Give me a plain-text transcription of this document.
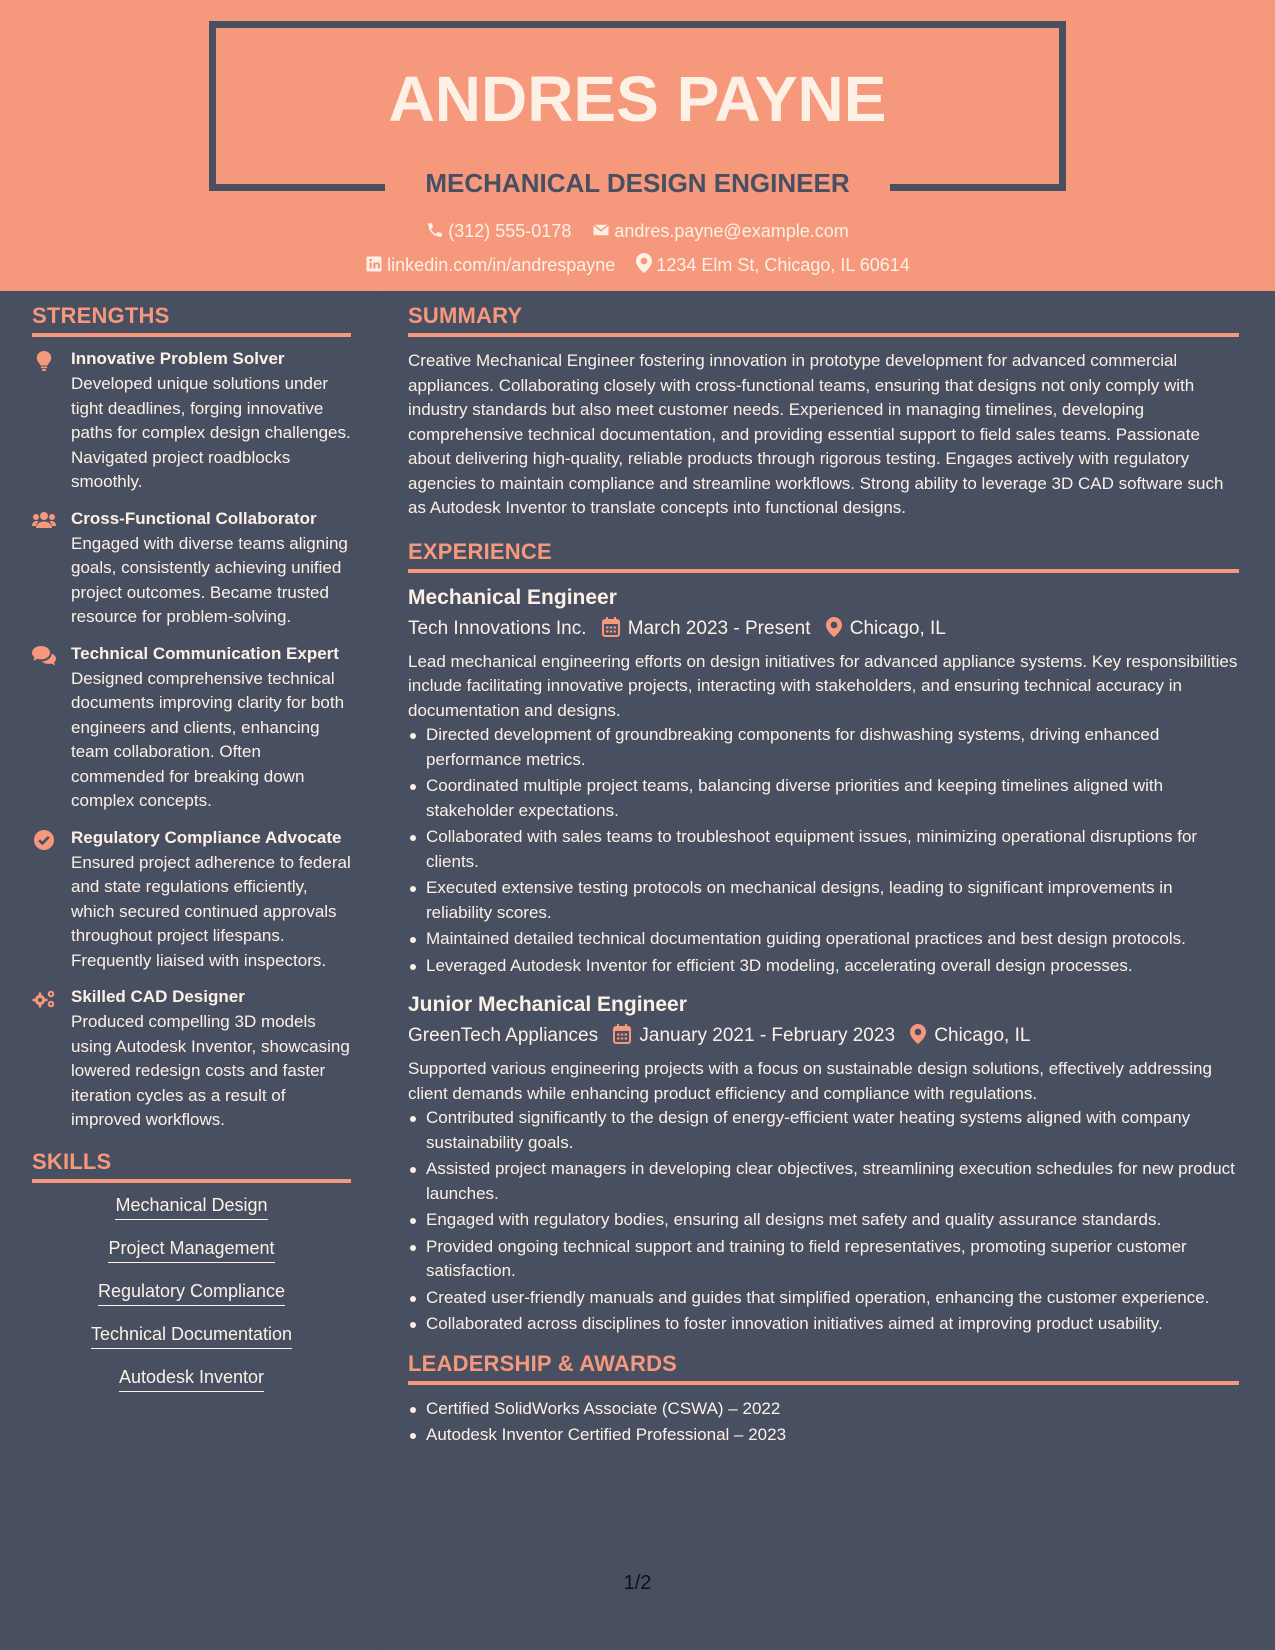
ANDRES PAYNE
MECHANICAL DESIGN ENGINEER
(312) 555-0178 andres.payne@example.com
linkedin.com/in/andrespayne 1234 Elm St, Chicago, IL 60614
STRENGTHS
Innovative Problem Solver
Developed unique solutions under tight deadlines, forging innovative paths for complex design challenges. Navigated project roadblocks smoothly.
Cross-Functional Collaborator
Engaged with diverse teams aligning goals, consistently achieving unified project outcomes. Became trusted resource for problem-solving.
Technical Communication Expert
Designed comprehensive technical documents improving clarity for both engineers and clients, enhancing team collaboration. Often commended for breaking down complex concepts.
Regulatory Compliance Advocate
Ensured project adherence to federal and state regulations efficiently, which secured continued approvals throughout project lifespans. Frequently liaised with inspectors.
Skilled CAD Designer
Produced compelling 3D models using Autodesk Inventor, showcasing lowered redesign costs and faster iteration cycles as a result of improved workflows.
SKILLS
Mechanical Design
Project Management
Regulatory Compliance
Technical Documentation
Autodesk Inventor
SUMMARY
Creative Mechanical Engineer fostering innovation in prototype development for advanced commercial appliances. Collaborating closely with cross-functional teams, ensuring that designs not only comply with industry standards but also meet customer needs. Experienced in managing timelines, developing comprehensive technical documentation, and providing essential support to field sales teams. Passionate about delivering high-quality, reliable products through rigorous testing. Engages actively with regulatory agencies to maintain compliance and streamline workflows. Strong ability to leverage 3D CAD software such as Autodesk Inventor to translate concepts into functional designs.
EXPERIENCE
Mechanical Engineer
Tech Innovations Inc. March 2023 - Present Chicago, IL
Lead mechanical engineering efforts on design initiatives for advanced appliance systems. Key responsibilities include facilitating innovative projects, interacting with stakeholders, and ensuring technical accuracy in documentation and designs.
Directed development of groundbreaking components for dishwashing systems, driving enhanced performance metrics.
Coordinated multiple project teams, balancing diverse priorities and keeping timelines aligned with stakeholder expectations.
Collaborated with sales teams to troubleshoot equipment issues, minimizing operational disruptions for clients.
Executed extensive testing protocols on mechanical designs, leading to significant improvements in reliability scores.
Maintained detailed technical documentation guiding operational practices and best design protocols.
Leveraged Autodesk Inventor for efficient 3D modeling, accelerating overall design processes.
Junior Mechanical Engineer
GreenTech Appliances January 2021 - February 2023 Chicago, IL
Supported various engineering projects with a focus on sustainable design solutions, effectively addressing client demands while enhancing product efficiency and compliance with regulations.
Contributed significantly to the design of energy-efficient water heating systems aligned with company sustainability goals.
Assisted project managers in developing clear objectives, streamlining execution schedules for new product launches.
Engaged with regulatory bodies, ensuring all designs met safety and quality assurance standards.
Provided ongoing technical support and training to field representatives, promoting superior customer satisfaction.
Created user-friendly manuals and guides that simplified operation, enhancing the customer experience.
Collaborated across disciplines to foster innovation initiatives aimed at improving product usability.
LEADERSHIP & AWARDS
Certified SolidWorks Associate (CSWA) – 2022
Autodesk Inventor Certified Professional – 2023
1/2
